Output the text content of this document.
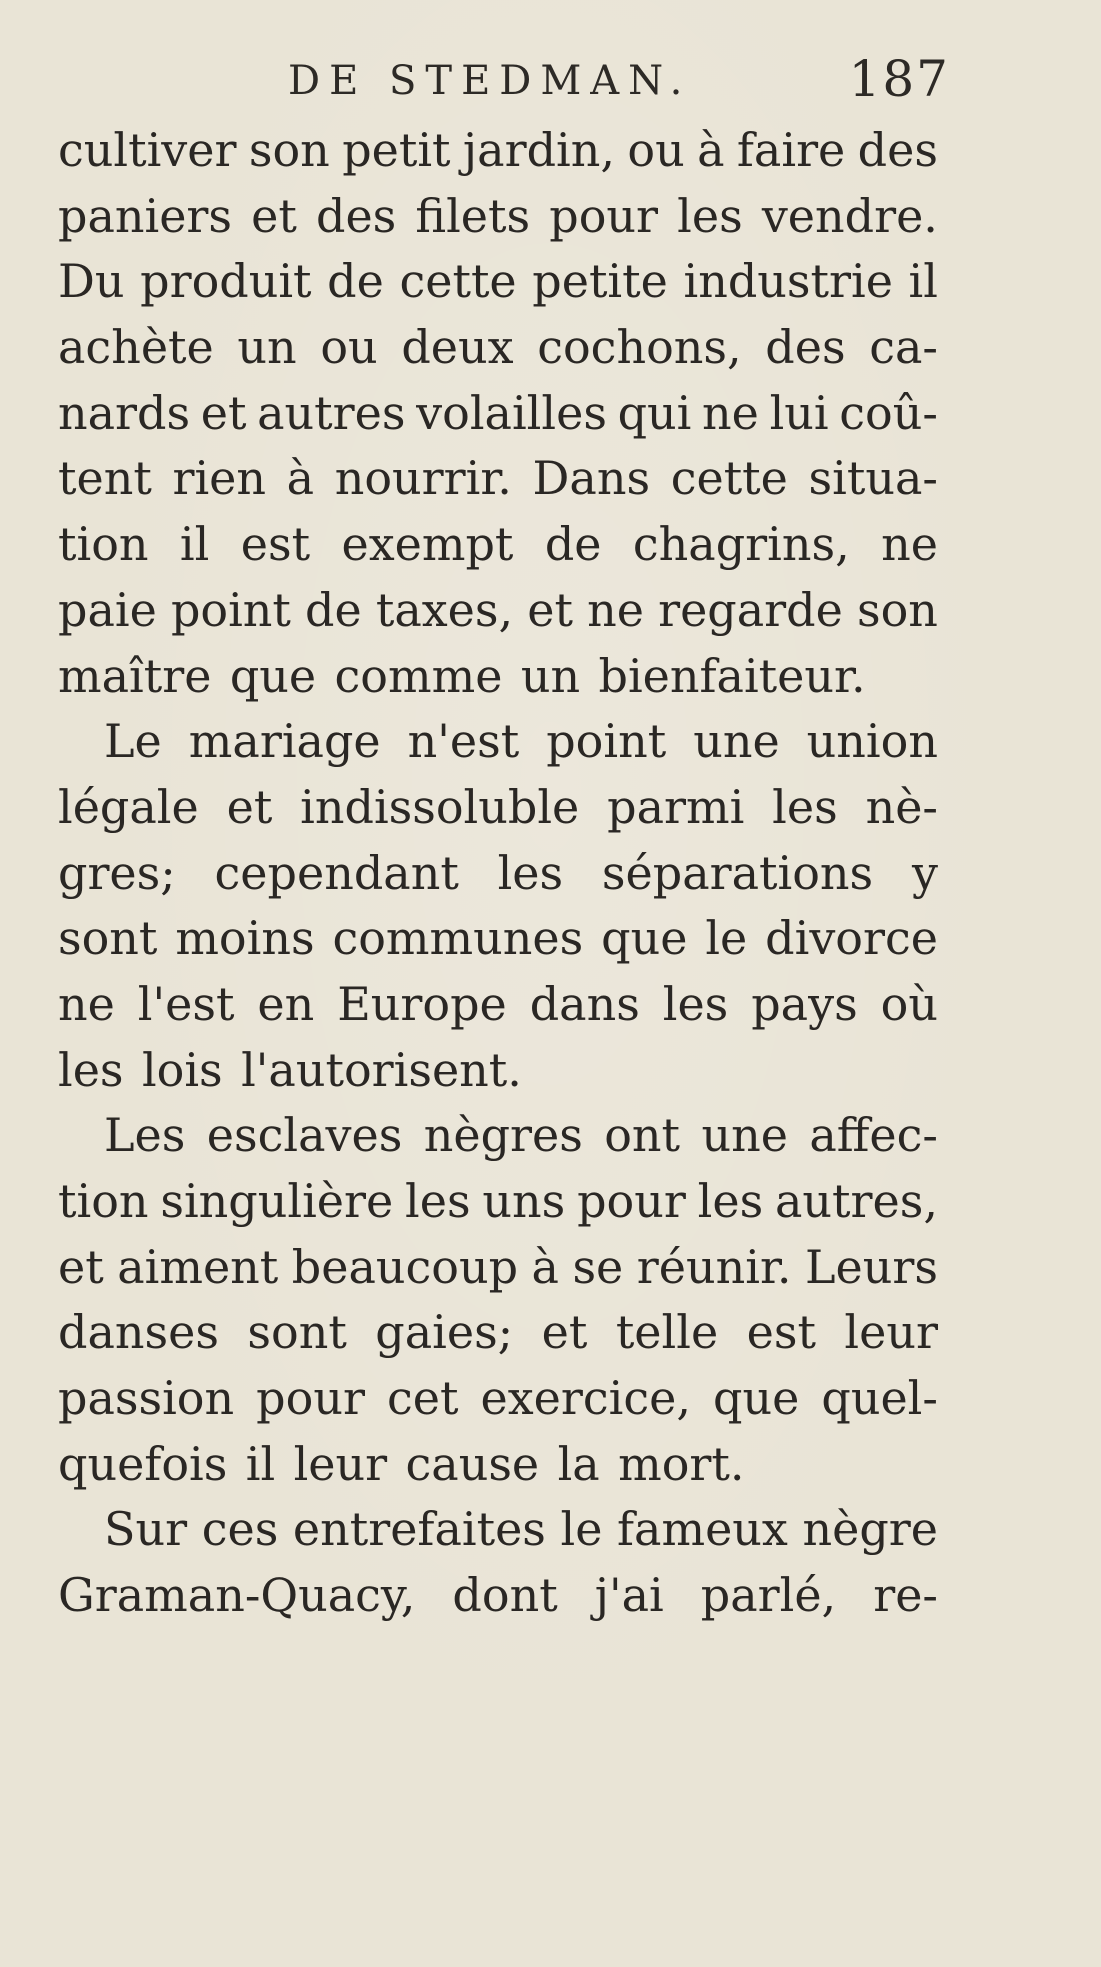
DE STEDMAN.	187
cultiver son petit jardin, ou à faire des
paniers et des filets pour les vendre.
Du produit de cette petite industrie il
achète un ou deux cochons, des ca-
nards et autres volailles qui ne lui coû-
tent rien à nourrir. Dans cette situa-
tion il est exempt de chagrins, ne
paie point de taxes, et ne regarde son
maître que comme un bienfaiteur.
Le mariage n'est point une union
légale et indissoluble parmi les nè-
gres; cependant les séparations y
sont moins communes que le divorce
ne l'est en Europe dans les pays où
les lois l'autorisent.
Les esclaves nègres ont une affec-
tion singulière les uns pour les autres,
et aiment beaucoup à se réunir. Leurs
danses sont gaies; et telle est leur
passion pour cet exercice, que quel-
quefois il leur cause la mort.
Sur ces entrefaites le fameux nègre
Graman-Quacy, dont j'ai parlé, re-
